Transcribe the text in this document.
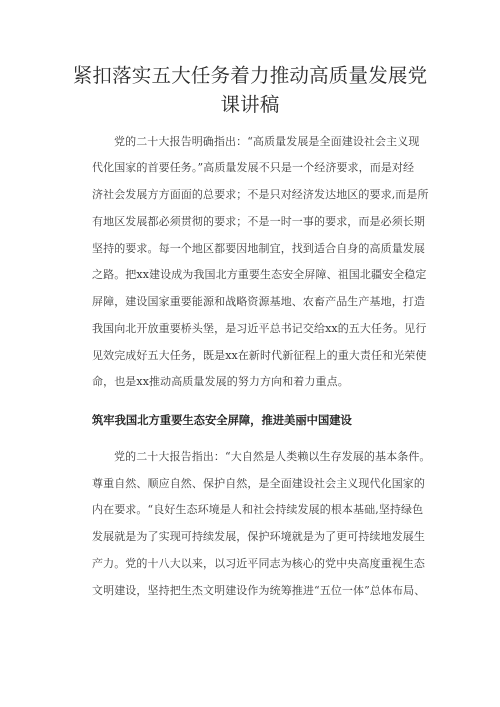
紧扣落实五大任务着力推动高质量发展党
课讲稿
党的二十大报告明确指出：“高质量发展是全面建设社会主义现
代化国家的首要任务。”高质量发展不只是一个经济要求，而是对经
济社会发展方方面面的总要求；不是只对经济发达地区的要求,而是所
有地区发展都必须贯彻的要求；不是一时一事的要求，而是必须长期
坚持的要求。每一个地区都要因地制宜，找到适合自身的高质量发展
之路。把xx建设成为我国北方重要生态安全屏障、祖国北疆安全稳定
屏障，建设国家重要能源和战略资源基地、农畜产品生产基地，打造
我国向北开放重要桥头堡，是习近平总书记交给xx的五大任务。见行
见效完成好五大任务，既是xx在新时代新征程上的重大责任和光荣使
命，也是xx推动高质量发展的努力方向和着力重点。
筑牢我国北方重要生态安全屏障，推进美丽中国建设
党的二十大报告指出：“大自然是人类赖以生存发展的基本条件。
尊重自然、顺应自然、保护自然，是全面建设社会主义现代化国家的
内在要求。“良好生态环境是人和社会持续发展的根本基础,坚持绿色
发展就是为了实现可持续发展，保护环境就是为了更可持续地发展生
产力。党的十八大以来，以习近平同志为核心的党中央高度重视生态
文明建设，坚持把生杰文明建设作为统筹推进“五位一体”总体布局、
